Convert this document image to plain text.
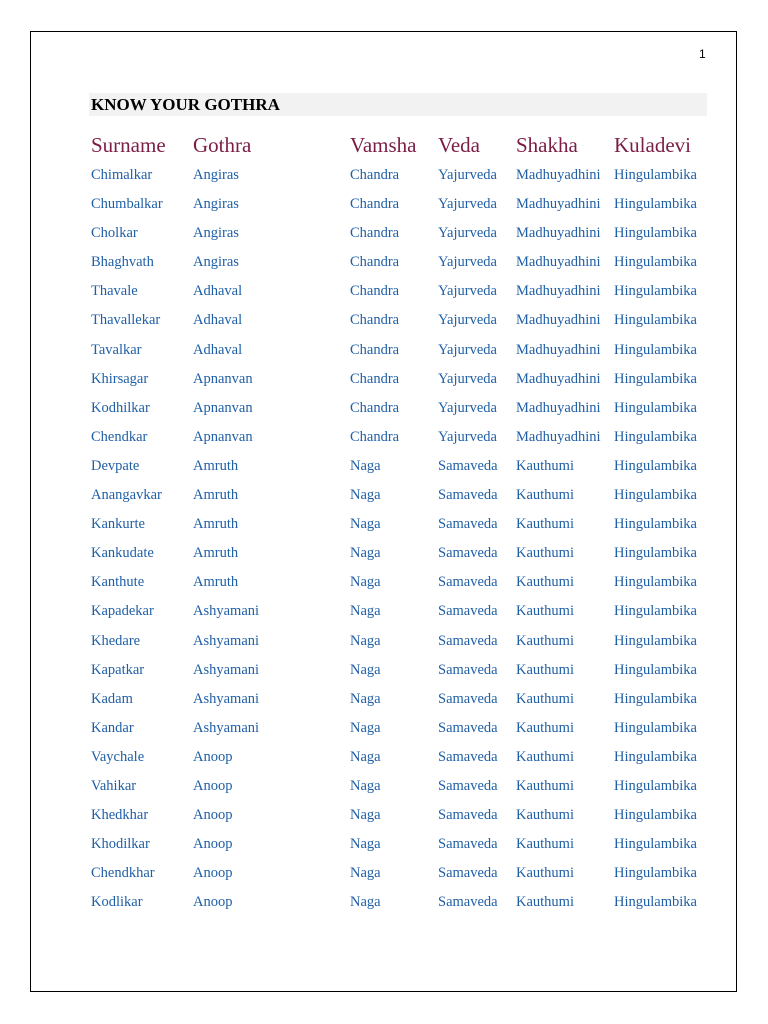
1
KNOW YOUR GOTHRA
Surname Gothra	Vamsha Veda Shakha Kuladevi
Chimalkar	Angiras	Chandra	Yajurveda Madhuyadhini Hingulambika
Chumbalkar Angiras	Chandra	Yajurveda Madhuyadhini Hingulambika
Cholkar	Angiras	Chandra	Yajurveda Madhuyadhini Hingulambika
Bhaghvath	Angiras	Chandra	Yajurveda Madhuyadhini Hingulambika
Thavale	Adhaval	Chandra	Yajurveda Madhuyadhini Hingulambika
Thavallekar Adhaval	Chandra	Yajurveda Madhuyadhini Hingulambika
Tavalkar	Adhaval	Chandra	Yajurveda Madhuyadhini Hingulambika
Khirsagar	Apnanvan	Chandra	Yajurveda Madhuyadhini Hingulambika
Kodhilkar	Apnanvan	Chandra	Yajurveda Madhuyadhini Hingulambika
Chendkar	Apnanvan	Chandra	Yajurveda Madhuyadhini Hingulambika
Devpate	Amruth	Naga	Samaveda Kauthumi	Hingulambika
Anangavkar Amruth	Naga	Samaveda Kauthumi	Hingulambika
Kankurte	Amruth	Naga	Samaveda Kauthumi	Hingulambika
Kankudate	Amruth	Naga	Samaveda Kauthumi	Hingulambika
Kanthute	Amruth	Naga	Samaveda Kauthumi	Hingulambika
Kapadekar	Ashyamani	Naga	Samaveda Kauthumi	Hingulambika
Khedare	Ashyamani	Naga	Samaveda Kauthumi	Hingulambika
Kapatkar	Ashyamani	Naga	Samaveda Kauthumi	Hingulambika
Kadam	Ashyamani	Naga	Samaveda Kauthumi	Hingulambika
Kandar	Ashyamani	Naga	Samaveda Kauthumi	Hingulambika
Vaychale	Anoop	Naga	Samaveda Kauthumi	Hingulambika
Vahikar	Anoop	Naga	Samaveda Kauthumi	Hingulambika
Khedkhar	Anoop	Naga	Samaveda Kauthumi	Hingulambika
Khodilkar	Anoop	Naga	Samaveda Kauthumi	Hingulambika
Chendkhar	Anoop	Naga	Samaveda Kauthumi	Hingulambika
Kodlikar	Anoop	Naga	Samaveda Kauthumi	Hingulambika
